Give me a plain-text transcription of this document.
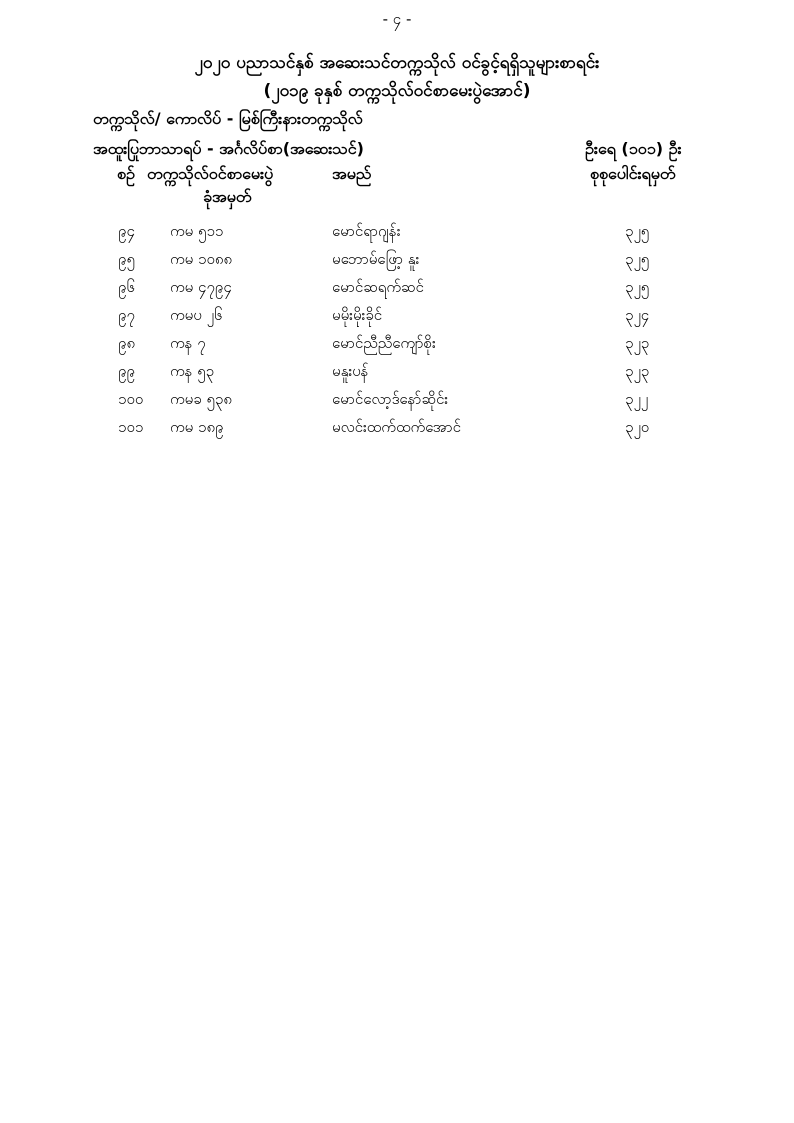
- ၄ -
၂၀၂၀ ပညာသင်နှစ် အဆေးသင်တက္ကသိုလ် ဝင်ခွင့်ရရှိသူများစာရင်း
(၂၀၁၉ ခုနှစ် တက္ကသိုလ်ဝင်စာမေးပွဲအောင်)
တက္ကသိုလ်/ ကောလိပ် - မြစ်ကြီးနားတက္ကသိုလ်
အထူးပြုဘာသာရပ် - အင်္ဂလိပ်စာ(အဆေးသင်)	ဦးရေ (၁၀၁) ဦး
စဉ် တက္ကသိုလ်ဝင်စာမေးပွဲ
ခုံအမှတ်
အမည်	စုစုပေါင်းရမှတ်
၉၄ ကမ ၅၁၁	မောင်ရာဂျန်း	၃၂၅
၉၅ ကမ ၁၀၈၈	မဘောမ်ဖြော့ နူး	၃၂၅
၉၆ ကမ ၄၇၉၄	မောင်ဆရက်ဆင်	၃၂၅
၉၇ ကမပ ၂၆	မမိုးမိုးခိုင်	၃၂၄
၉၈ ကန ၇	မောင်ညီညီကျော်စိုး	၃၂၃
၉၉ ကန ၅၃	မနူးပန်	၃၂၃
၁၀၀ ကမခ ၅၃၈	မောင်လော့ဒ်နော်ဆိုင်း	၃၂၂
၁၀၁ ကမ ၁၈၉	မလင်းထက်ထက်အောင်	၃၂၀
